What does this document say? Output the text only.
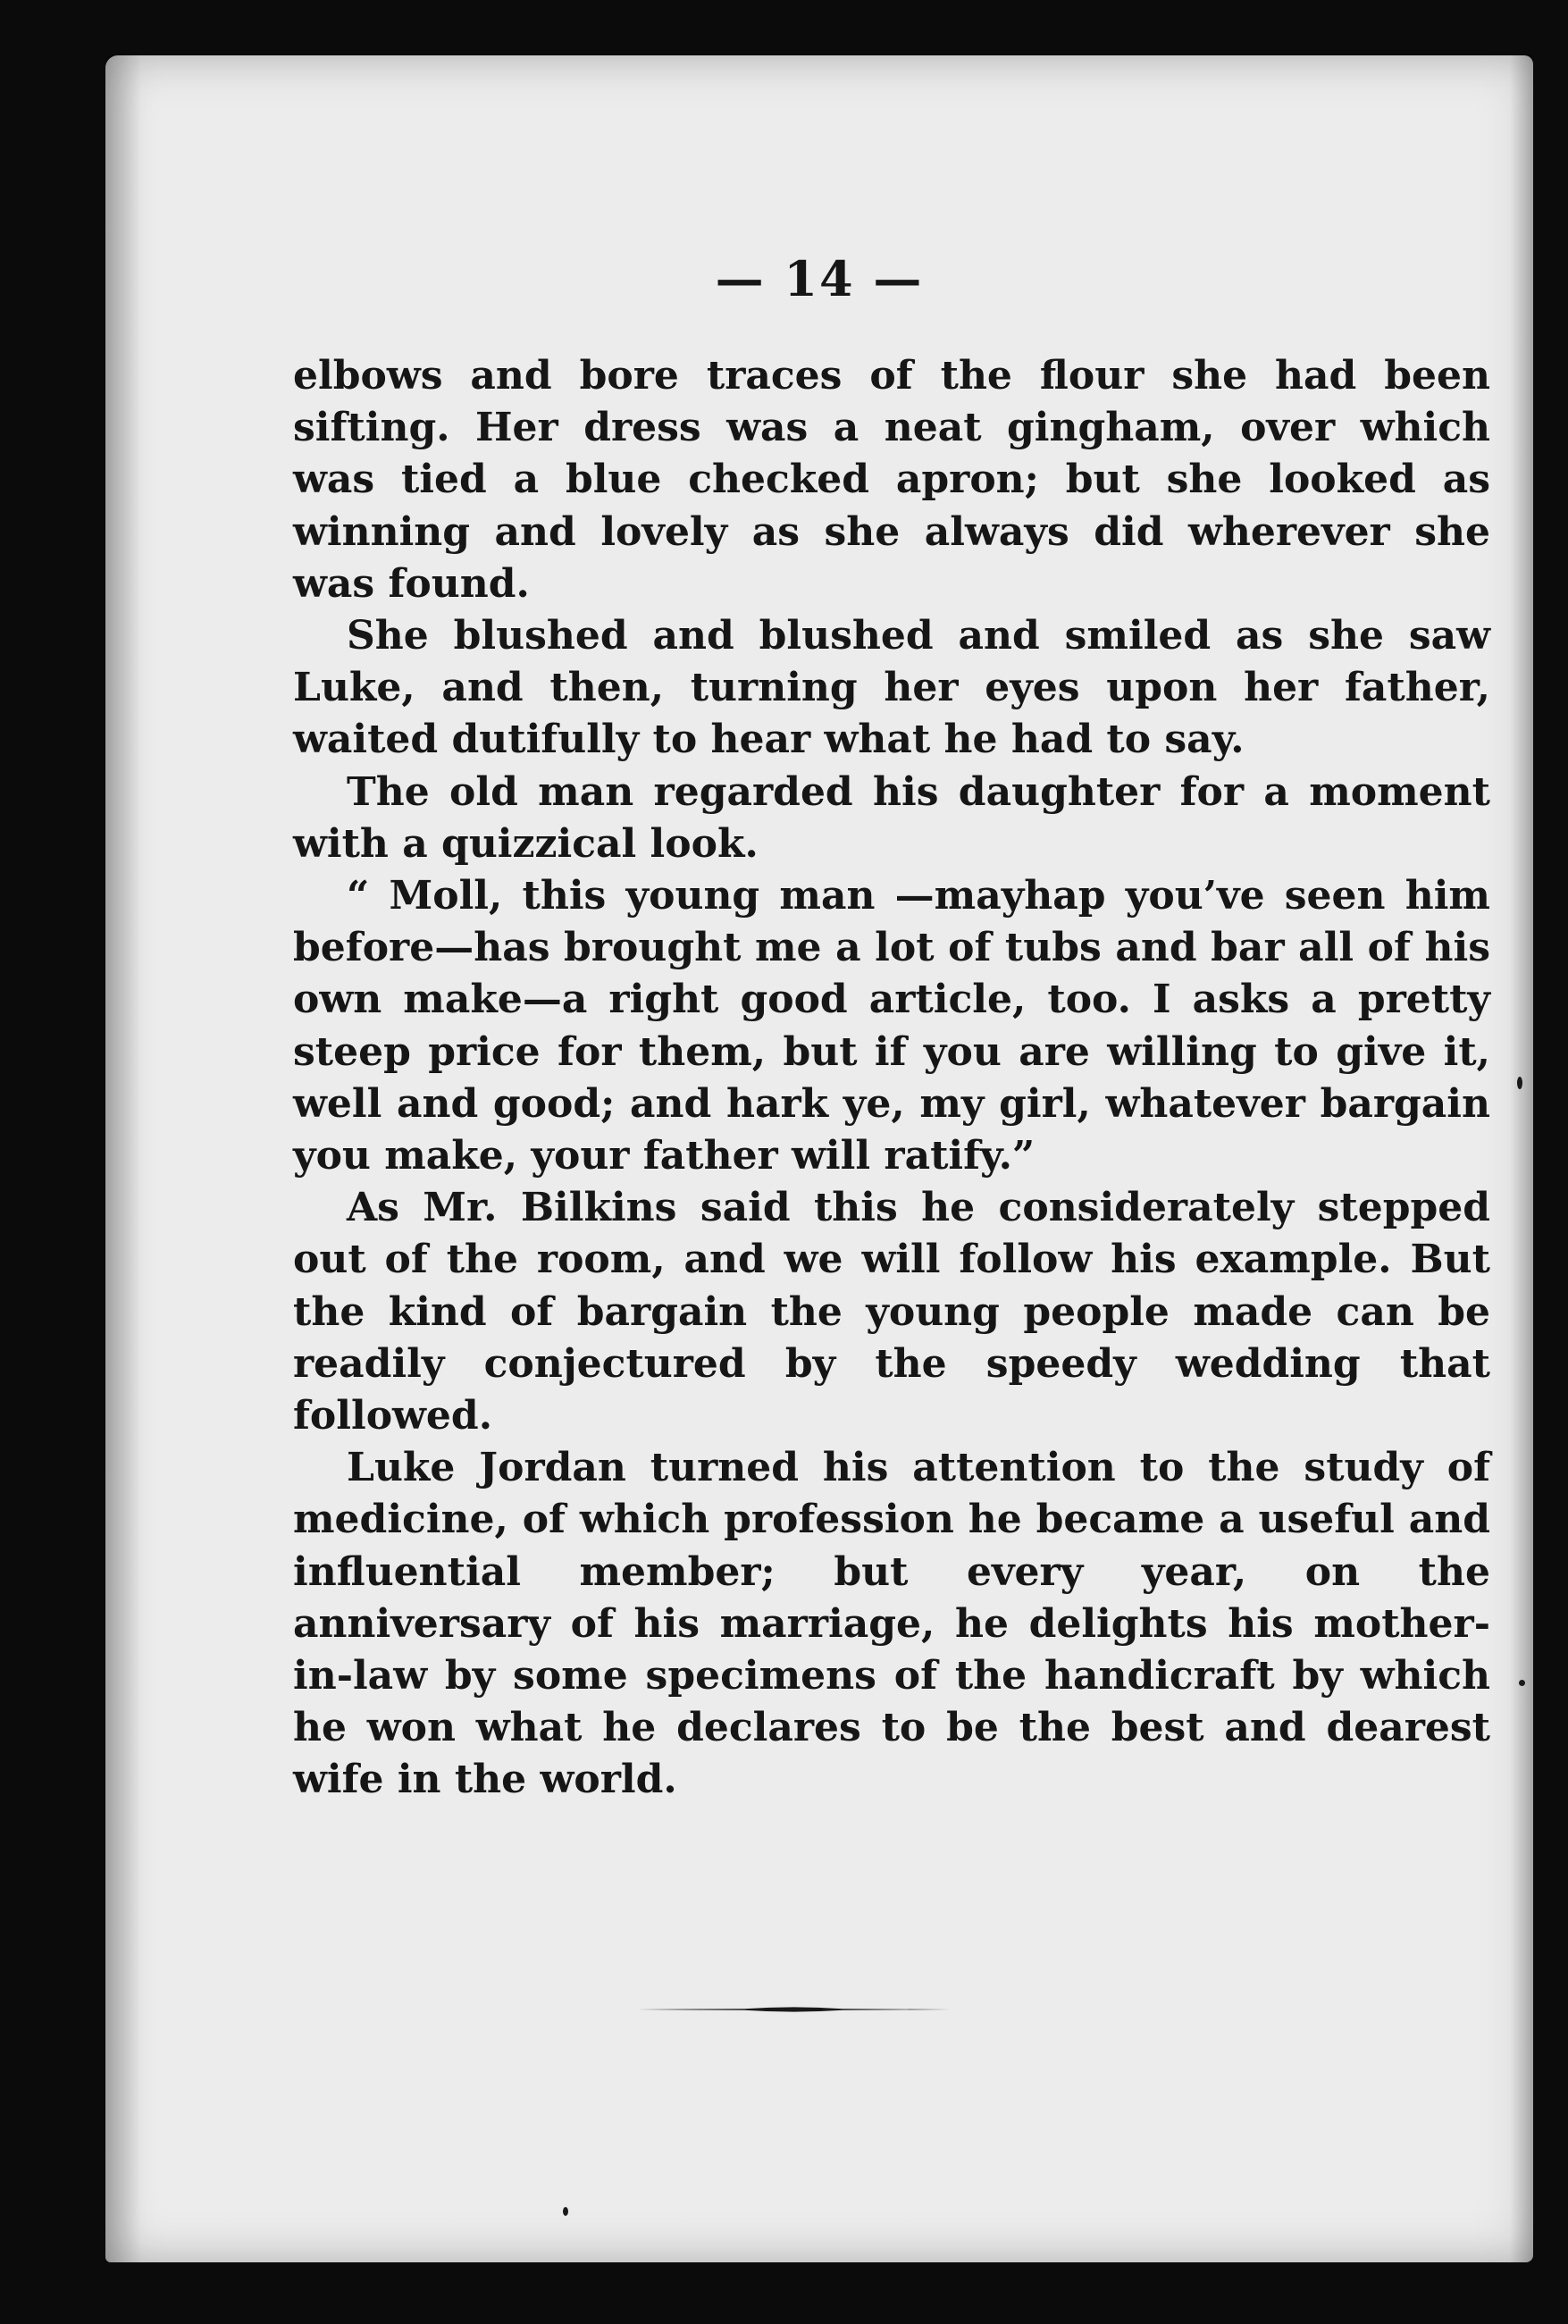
— 14 —

elbows and bore traces of the flour she had been sifting. Her dress was a neat gingham, over which was tied a blue checked apron; but she looked as winning and lovely as she always did wherever she was found.

She blushed and blushed and smiled as she saw Luke, and then, turning her eyes upon her father, waited dutifully to hear what he had to say.

The old man regarded his daughter for a moment with a quizzical look.

“ Moll, this young man —mayhap you’ve seen him before—has brought me a lot of tubs and bar all of his own make—a right good article, too. I asks a pretty steep price for them, but if you are willing to give it, well and good; and hark ye, my girl, whatever bargain you make, your father will ratify.”

As Mr. Bilkins said this he considerately stepped out of the room, and we will follow his example. But the kind of bargain the young people made can be readily conjectured by the speedy wedding that followed.

Luke Jordan turned his attention to the study of medicine, of which profession he became a useful and influential member; but every year, on the anniversary of his marriage, he delights his mother-in-law by some specimens of the handicraft by which he won what he declares to be the best and dearest wife in the world.
